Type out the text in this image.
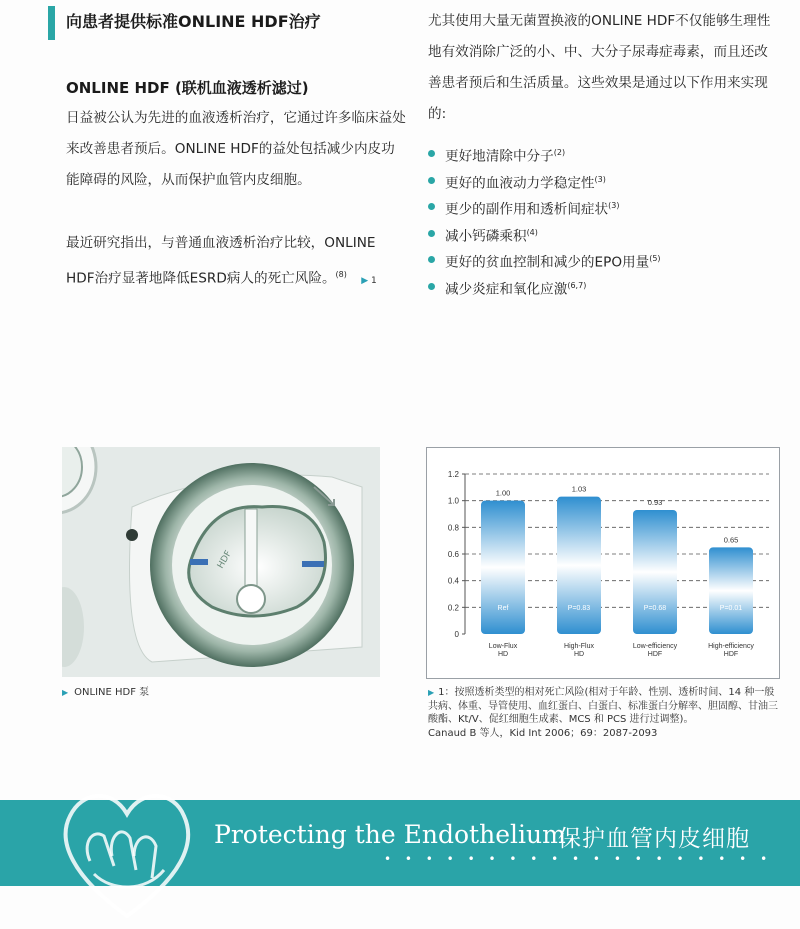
向患者提供标准ONLINE HDF治疗
ONLINE HDF (联机血液透析滤过)
日益被公认为先进的血液透析治疗，它通过许多临床益处来改善患者预后。ONLINE HDF的益处包括减少内皮功能障碍的风险，从而保护血管内皮细胞。
最近研究指出，与普通血液透析治疗比较，ONLINE HDF治疗显著地降低ESRD病人的死亡风险。$^{(8)}$ ▶ 1
尤其使用大量无菌置换液的ONLINE HDF不仅能够生理性地有效消除广泛的小、中、大分子尿毒症毒素，而且还改善患者预后和生活质量。这些效果是通过以下作用来实现的:
更好地清除中分子$^{(2)}$
更好的血液动力学稳定性$^{(3)}$
更少的副作用和透析间症状$^{(3)}$
减小钙磷乘积$^{(4)}$
更好的贫血控制和减少的EPO用量$^{(5)}$
减少炎症和氧化应激$^{(6,7)}$
HDF
▶ ONLINE HDF 泵
0
0.2
0.4
0.6
0.8
1.0
1.2
1.00
Ref
Low-Flux
HD
1.03
P=0.83
High-Flux
HD
0.93
P=0.68
Low-efficiency
HDF
0.65
P=0.01
High-efficiency
HDF
▶ 1：按照透析类型的相对死亡风险(相对于年龄、性别、透析时间、14 种一般共病、体重、导管使用、血红蛋白、白蛋白、标准蛋白分解率、胆固醇、甘油三酸酯、Kt/V、促红细胞生成素、MCS 和 PCS 进行过调整)。
Canaud B 等人，Kid Int 2006；69：2087-2093
Protecting the Endothelium
保护血管内皮细胞
• • • • • • • • • • • • • • • • • • •
